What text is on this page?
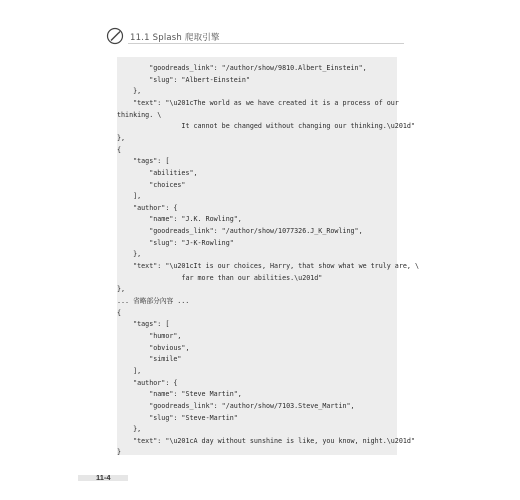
11.1 Splash 爬取引擎
"goodreads_link": "/author/show/9810.Albert_Einstein",
"slug": "Albert-Einstein"
},
"text": "\u201cThe world as we have created it is a process of our
thinking. \
It cannot be changed without changing our thinking.\u201d"
},
{
"tags": [
"abilities",
"choices"
],
"author": {
"name": "J.K. Rowling",
"goodreads_link": "/author/show/1077326.J_K_Rowling",
"slug": "J-K-Rowling"
},
"text": "\u201cIt is our choices, Harry, that show what we truly are, \
far more than our abilities.\u201d"
},
... 省略部分內容 ...
{
"tags": [
"humor",
"obvious",
"simile"
],
"author": {
"name": "Steve Martin",
"goodreads_link": "/author/show/7103.Steve_Martin",
"slug": "Steve-Martin"
},
"text": "\u201cA day without sunshine is like, you know, night.\u201d"
}
11-4
